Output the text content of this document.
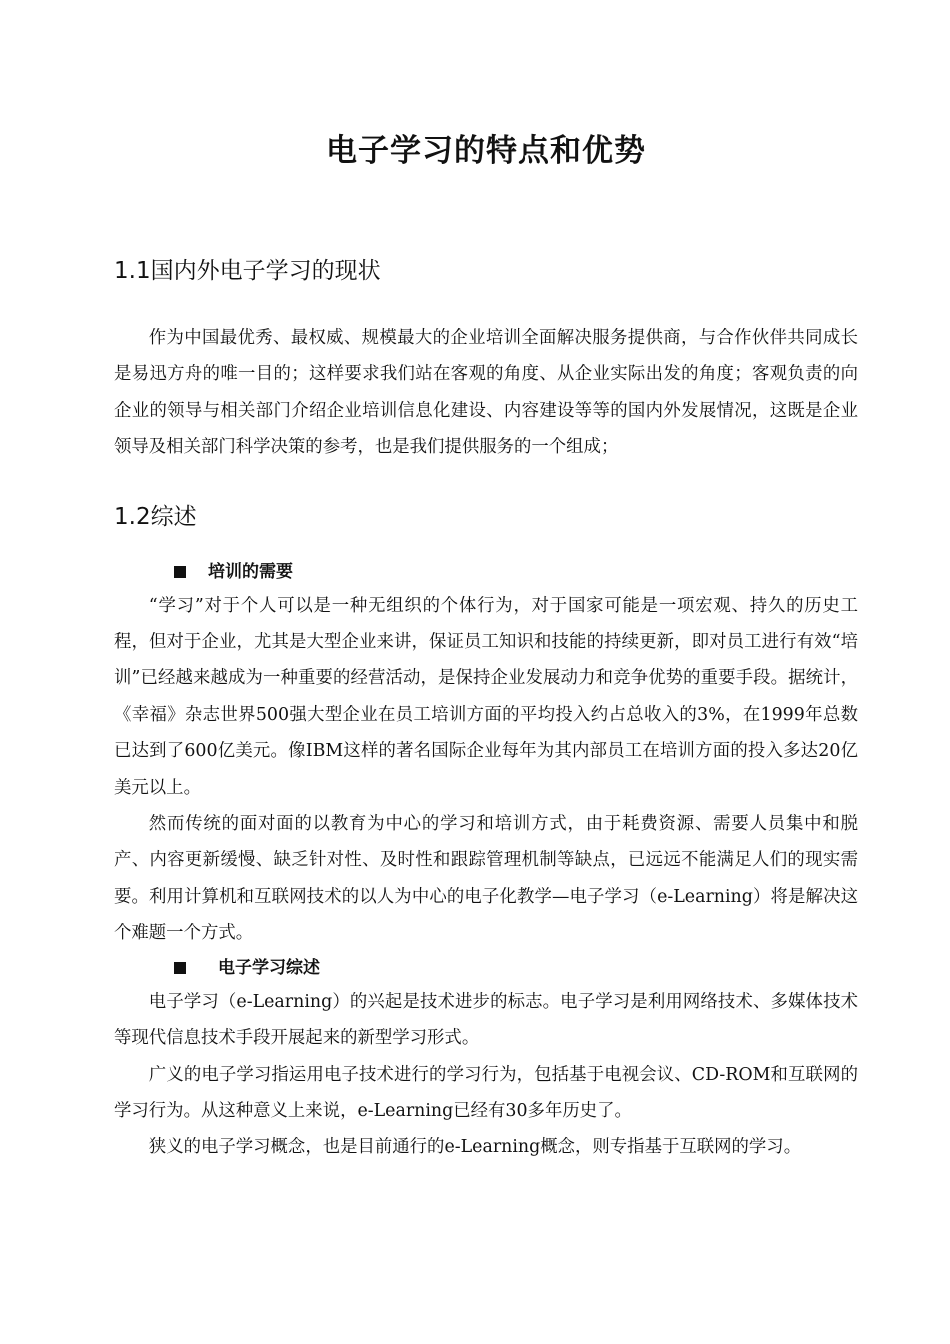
电子学习的特点和优势
1.1国内外电子学习的现状

作为中国最优秀、最权威、规模最大的企业培训全面解决服务提供商，与合作伙伴共同成长是易迅方舟的唯一目的；这样要求我们站在客观的角度、从企业实际出发的角度；客观负责的向企业的领导与相关部门介绍企业培训信息化建设、内容建设等等的国内外发展情况，这既是企业领导及相关部门科学决策的参考，也是我们提供服务的一个组成；

1.2综述
培训的需要

“学习”对于个人可以是一种无组织的个体行为，对于国家可能是一项宏观、持久的历史工程，但对于企业，尤其是大型企业来讲，保证员工知识和技能的持续更新，即对员工进行有效“培训”已经越来越成为一种重要的经营活动，是保持企业发展动力和竞争优势的重要手段。据统计，《幸福》杂志世界500强大型企业在员工培训方面的平均投入约占总收入的3%，在1999年总数已达到了600亿美元。像IBM这样的著名国际企业每年为其内部员工在培训方面的投入多达20亿美元以上。

然而传统的面对面的以教育为中心的学习和培训方式，由于耗费资源、需要人员集中和脱产、内容更新缓慢、缺乏针对性、及时性和跟踪管理机制等缺点，已远远不能满足人们的现实需要。利用计算机和互联网技术的以人为中心的电子化教学—电子学习（e-Learning）将是解决这个难题一个方式。

电子学习综述

电子学习（e-Learning）的兴起是技术进步的标志。电子学习是利用网络技术、多媒体技术等现代信息技术手段开展起来的新型学习形式。

广义的电子学习指运用电子技术进行的学习行为，包括基于电视会议、CD-ROM和互联网的学习行为。从这种意义上来说，e-Learning已经有30多年历史了。

狭义的电子学习概念，也是目前通行的e-Learning概念，则专指基于互联网的学习。
